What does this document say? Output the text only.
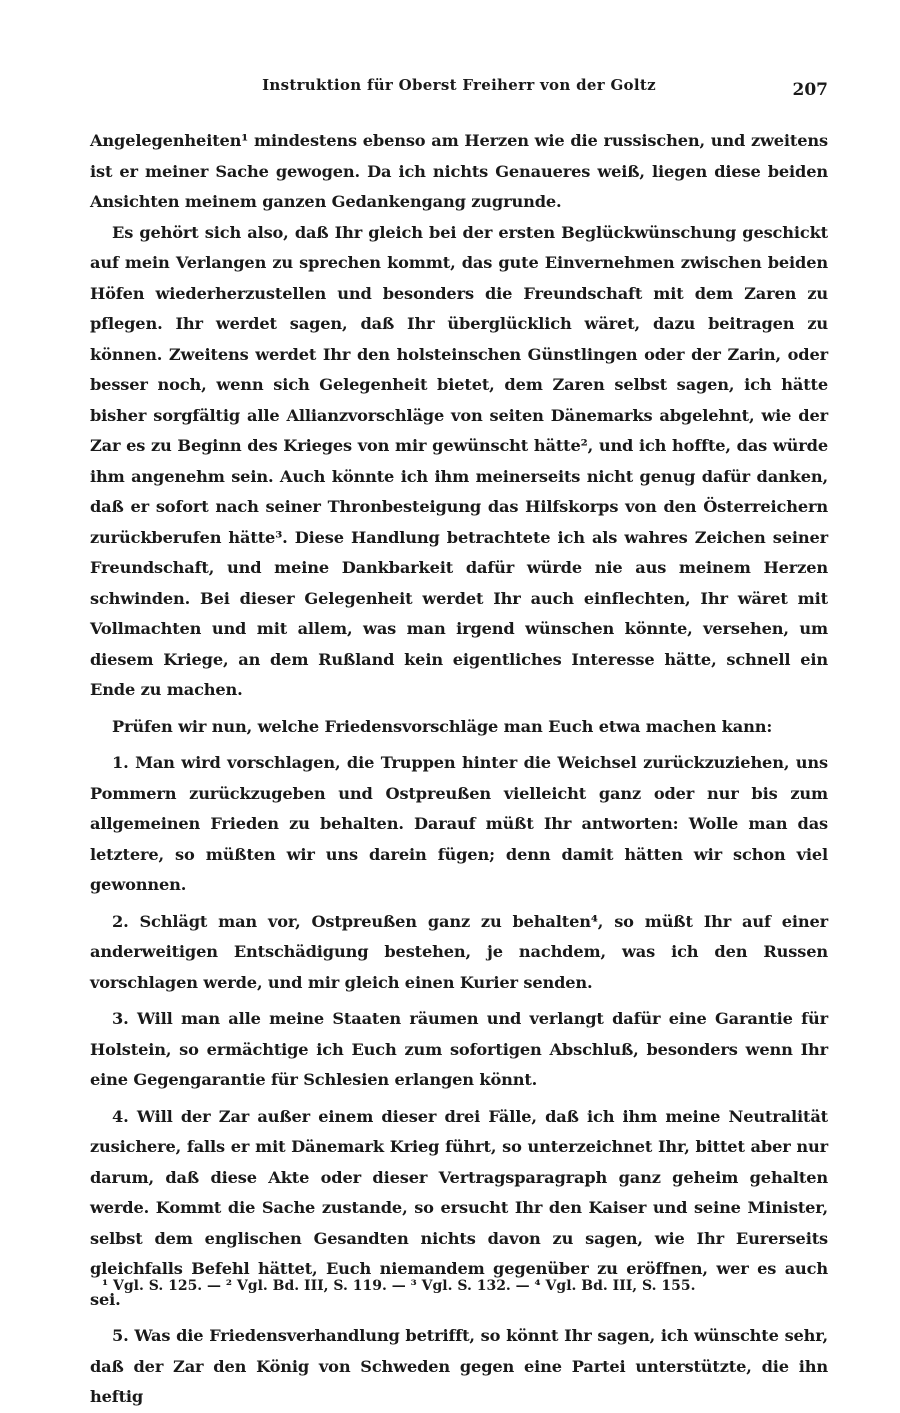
Instruktion für Oberst Freiherr von der Goltz	207

Angelegenheiten¹ mindestens ebenso am Herzen wie die russischen, und zweitens ist er meiner Sache gewogen. Da ich nichts Genaueres weiß, liegen diese beiden Ansichten meinem ganzen Gedankengang zugrunde.

Es gehört sich also, daß Ihr gleich bei der ersten Beglückwünschung geschickt auf mein Verlangen zu sprechen kommt, das gute Einvernehmen zwischen beiden Höfen wiederherzustellen und besonders die Freundschaft mit dem Zaren zu pflegen. Ihr werdet sagen, daß Ihr überglücklich wäret, dazu beitragen zu können. Zweitens werdet Ihr den holsteinschen Günstlingen oder der Zarin, oder besser noch, wenn sich Gelegenheit bietet, dem Zaren selbst sagen, ich hätte bisher sorgfältig alle Allianzvorschläge von seiten Dänemarks abgelehnt, wie der Zar es zu Beginn des Krieges von mir gewünscht hätte², und ich hoffte, das würde ihm angenehm sein. Auch könnte ich ihm meinerseits nicht genug dafür danken, daß er sofort nach seiner Thronbesteigung das Hilfskorps von den Österreichern zurückberufen hätte³. Diese Handlung betrachtete ich als wahres Zeichen seiner Freundschaft, und meine Dankbarkeit dafür würde nie aus meinem Herzen schwinden. Bei dieser Gelegenheit werdet Ihr auch einflechten, Ihr wäret mit Vollmachten und mit allem, was man irgend wünschen könnte, versehen, um diesem Kriege, an dem Rußland kein eigentliches Interesse hätte, schnell ein Ende zu machen.

Prüfen wir nun, welche Friedensvorschläge man Euch etwa machen kann:

1. Man wird vorschlagen, die Truppen hinter die Weichsel zurückzuziehen, uns Pommern zurückzugeben und Ostpreußen vielleicht ganz oder nur bis zum allgemeinen Frieden zu behalten. Darauf müßt Ihr antworten: Wolle man das letztere, so müßten wir uns darein fügen; denn damit hätten wir schon viel gewonnen.

2. Schlägt man vor, Ostpreußen ganz zu behalten⁴, so müßt Ihr auf einer anderweitigen Entschädigung bestehen, je nachdem, was ich den Russen vorschlagen werde, und mir gleich einen Kurier senden.

3. Will man alle meine Staaten räumen und verlangt dafür eine Garantie für Holstein, so ermächtige ich Euch zum sofortigen Abschluß, besonders wenn Ihr eine Gegengarantie für Schlesien erlangen könnt.

4. Will der Zar außer einem dieser drei Fälle, daß ich ihm meine Neutralität zusichere, falls er mit Dänemark Krieg führt, so unterzeichnet Ihr, bittet aber nur darum, daß diese Akte oder dieser Vertragsparagraph ganz geheim gehalten werde. Kommt die Sache zustande, so ersucht Ihr den Kaiser und seine Minister, selbst dem englischen Gesandten nichts davon zu sagen, wie Ihr Eurerseits gleichfalls Befehl hättet, Euch niemandem gegenüber zu eröffnen, wer es auch sei.

5. Was die Friedensverhandlung betrifft, so könnt Ihr sagen, ich wünschte sehr, daß der Zar den König von Schweden gegen eine Partei unterstützte, die ihn heftig

¹ Vgl. S. 125. — ² Vgl. Bd. III, S. 119. — ³ Vgl. S. 132. — ⁴ Vgl. Bd. III, S. 155.
